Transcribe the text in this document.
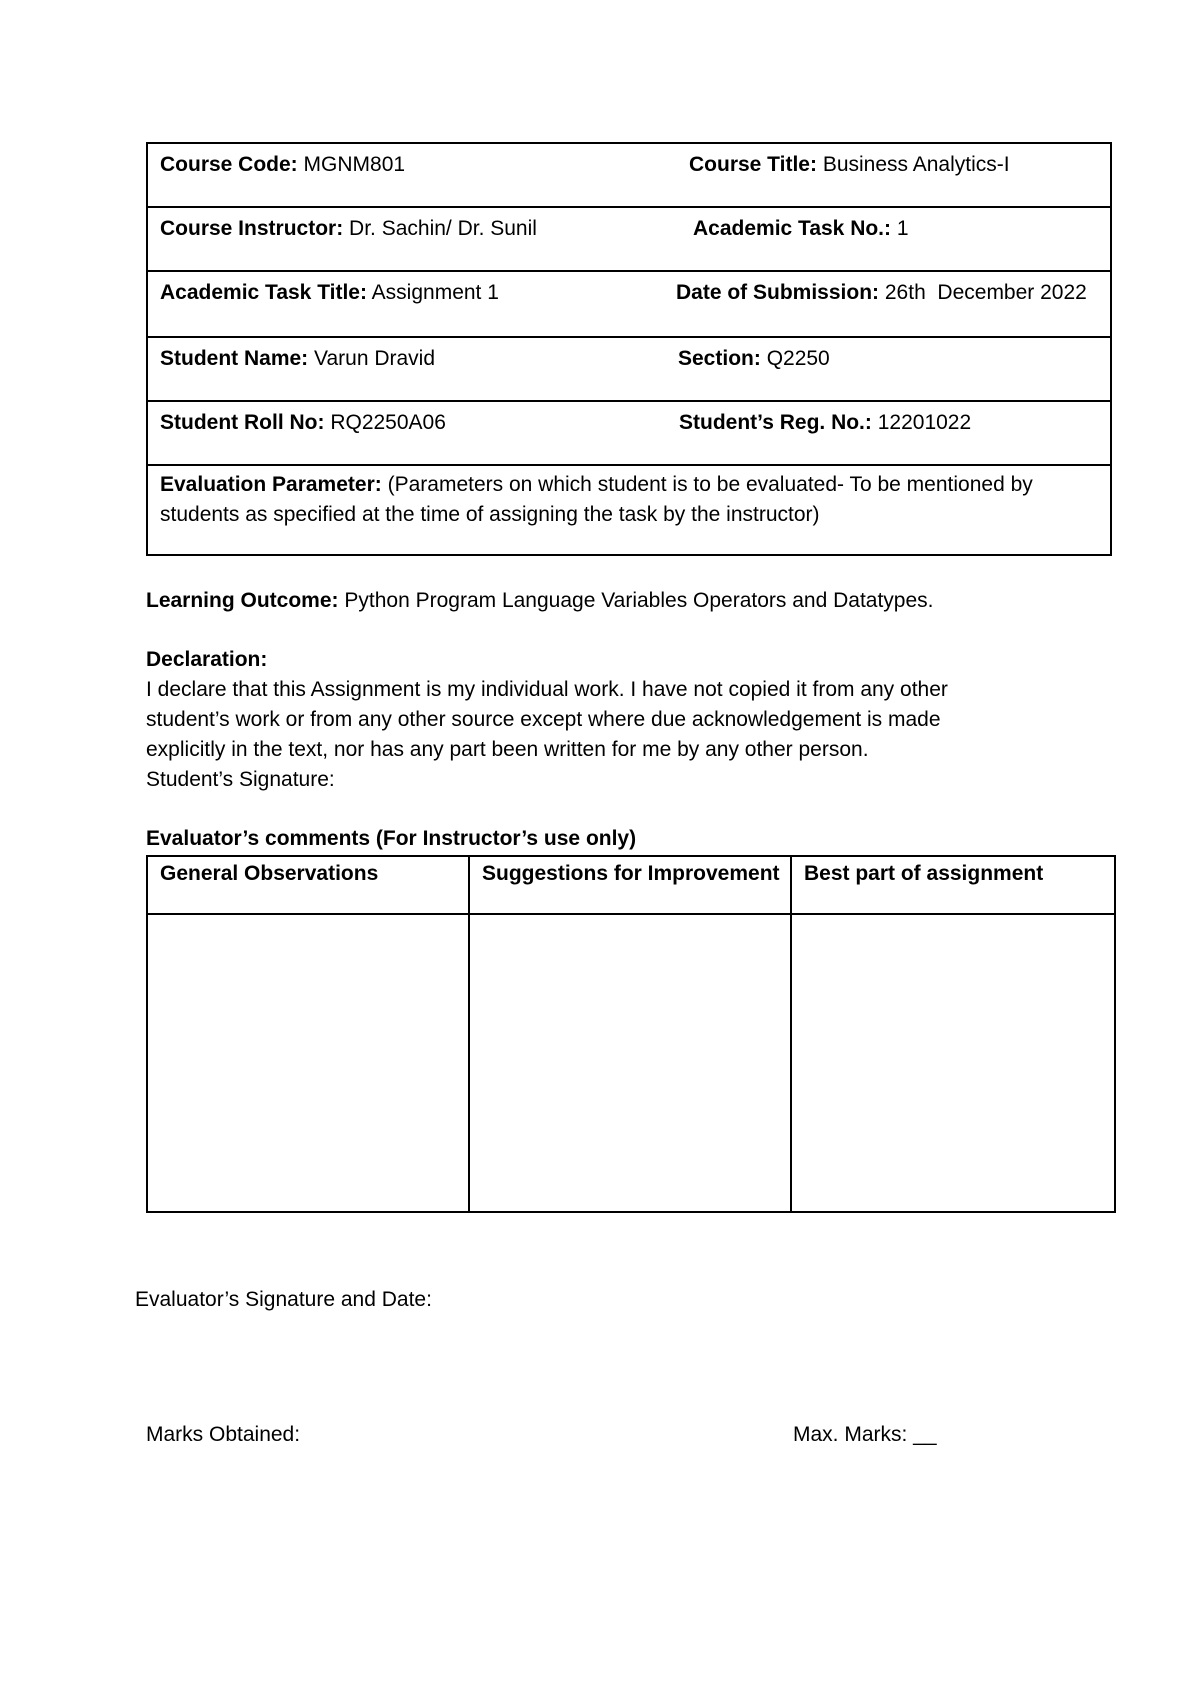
Course Code: MGNM801	Course Title: Business Analytics-I
Course Instructor: Dr. Sachin/ Dr. Sunil	Academic Task No.: 1
Academic Task Title: Assignment 1	Date of Submission: 26th  December 2022
Student Name: Varun Dravid	Section: Q2250
Student Roll No: RQ2250A06	Student’s Reg. No.: 12201022
Evaluation Parameter: (Parameters on which student is to be evaluated- To be mentioned by students as specified at the time of assigning the task by the instructor)
Learning Outcome: Python Program Language Variables Operators and Datatypes.
Declaration:
I declare that this Assignment is my individual work. I have not copied it from any other
student’s work or from any other source except where due acknowledgement is made
explicitly in the text, nor has any part been written for me by any other person.
Student’s Signature:
Evaluator’s comments (For Instructor’s use only)
General Observations	Suggestions for Improvement	Best part of assignment
Evaluator’s Signature and Date:
Marks Obtained:	Max. Marks: __
